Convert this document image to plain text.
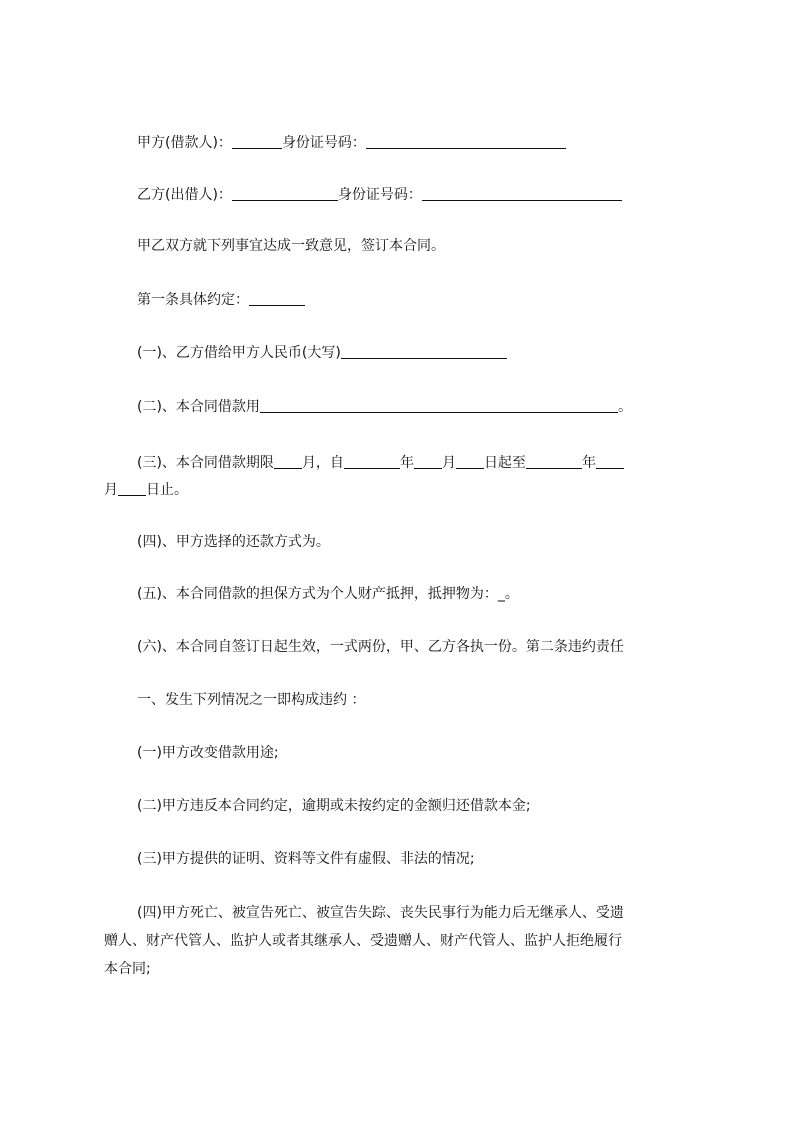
甲方(借款人)：	身份证号码：
乙方(出借人)：	身份证号码：
甲乙双方就下列事宜达成一致意见，签订本合同。
第一条具体约定：
(一)、乙方借给甲方人民币(大写)
(二)、本合同借款用	。
(三)、本合同借款期限 月，自	年 月 日起至	年
月 日止。
(四)、甲方选择的还款方式为。
(五)、本合同借款的担保方式为个人财产抵押，抵押物为：_。
(六)、本合同自签订日起生效，一式两份，甲、乙方各执一份。第二条违约责任
一、发生下列情况之一即构成违约 ：
(一)甲方改变借款用途;
(二)甲方违反本合同约定，逾期或未按约定的金额归还借款本金;
(三)甲方提供的证明、资料等文件有虚假、非法的情况;
(四)甲方死亡、被宣告死亡、被宣告失踪、丧失民事行为能力后无继承人、受遗
赠人、财产代管人、监护人或者其继承人、受遗赠人、财产代管人、监护人拒绝履行
本合同;
